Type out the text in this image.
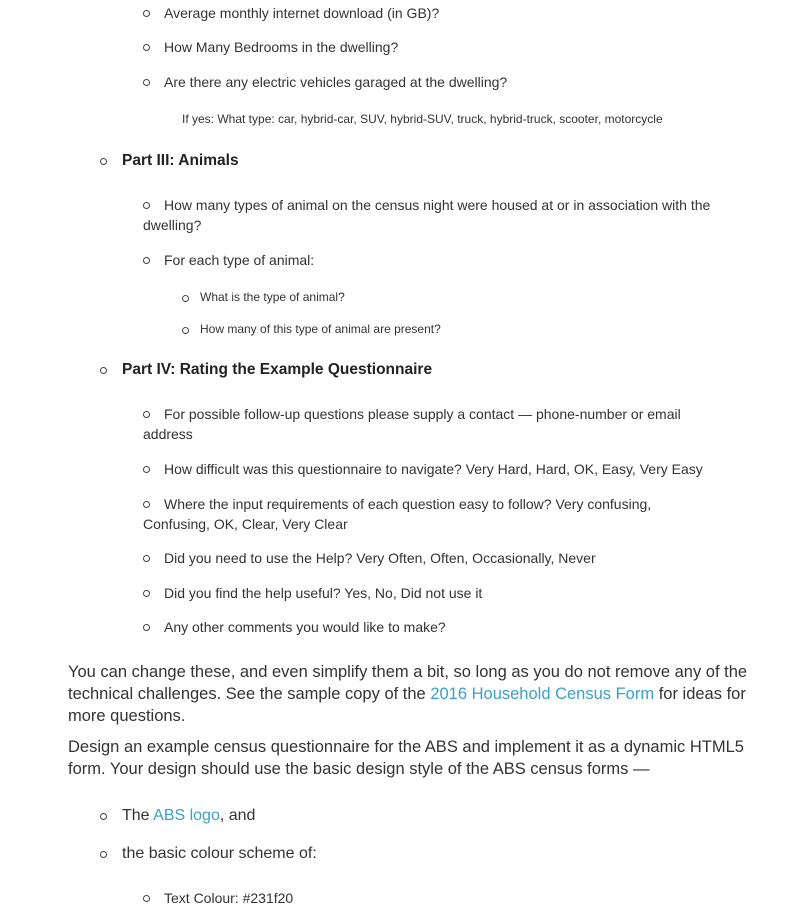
Average monthly internet download (in GB)?
How Many Bedrooms in the dwelling?
Are there any electric vehicles garaged at the dwelling?
If yes: What type: car, hybrid-car, SUV, hybrid-SUV, truck, hybrid-truck, scooter, motorcycle
Part III: Animals
How many types of animal on the census night were housed at or in association with the
dwelling?
For each type of animal:
What is the type of animal?
How many of this type of animal are present?
Part IV: Rating the Example Questionnaire
For possible follow-up questions please supply a contact — phone-number or email
address
How difficult was this questionnaire to navigate? Very Hard, Hard, OK, Easy, Very Easy
Where the input requirements of each question easy to follow? Very confusing,
Confusing, OK, Clear, Very Clear
Did you need to use the Help? Very Often, Often, Occasionally, Never
Did you find the help useful? Yes, No, Did not use it
Any other comments you would like to make?
You can change these, and even simplify them a bit, so long as you do not remove any of the
technical challenges. See the sample copy of the 2016 Household Census Form for ideas for
more questions.
Design an example census questionnaire for the ABS and implement it as a dynamic HTML5
form. Your design should use the basic design style of the ABS census forms —
The ABS logo, and
the basic colour scheme of:
Text Colour: #231f20
